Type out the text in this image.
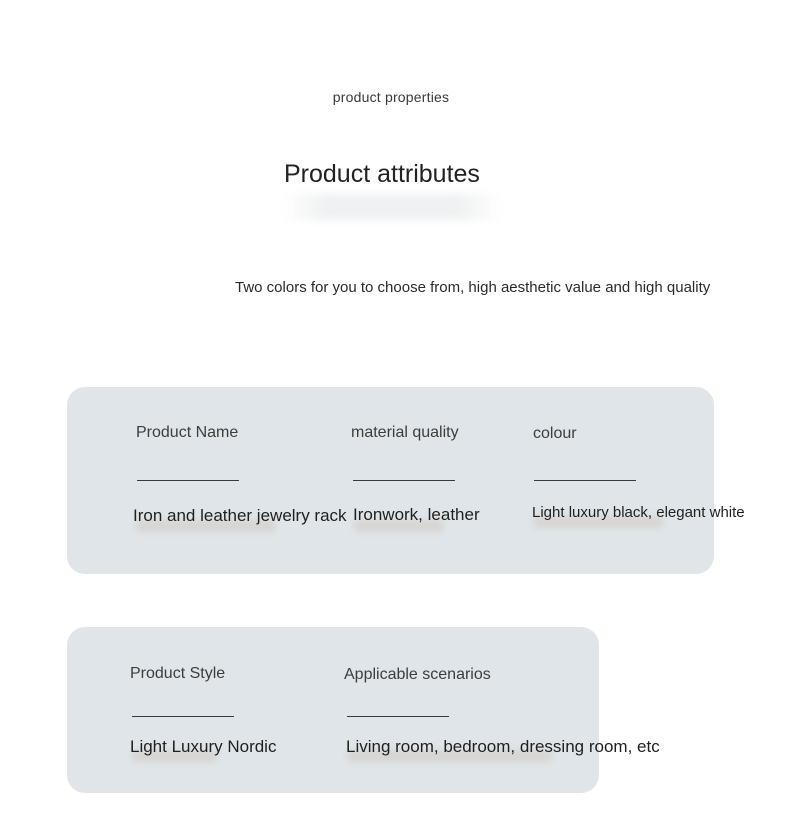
product properties
Product attributes
Two colors for you to choose from, high aesthetic value and high quality
Product Name
Iron and leather jewelry rack
material quality
Ironwork, leather
colour
Light luxury black, elegant white
Product Style
Light Luxury Nordic
Applicable scenarios
Living room, bedroom, dressing room, etc
